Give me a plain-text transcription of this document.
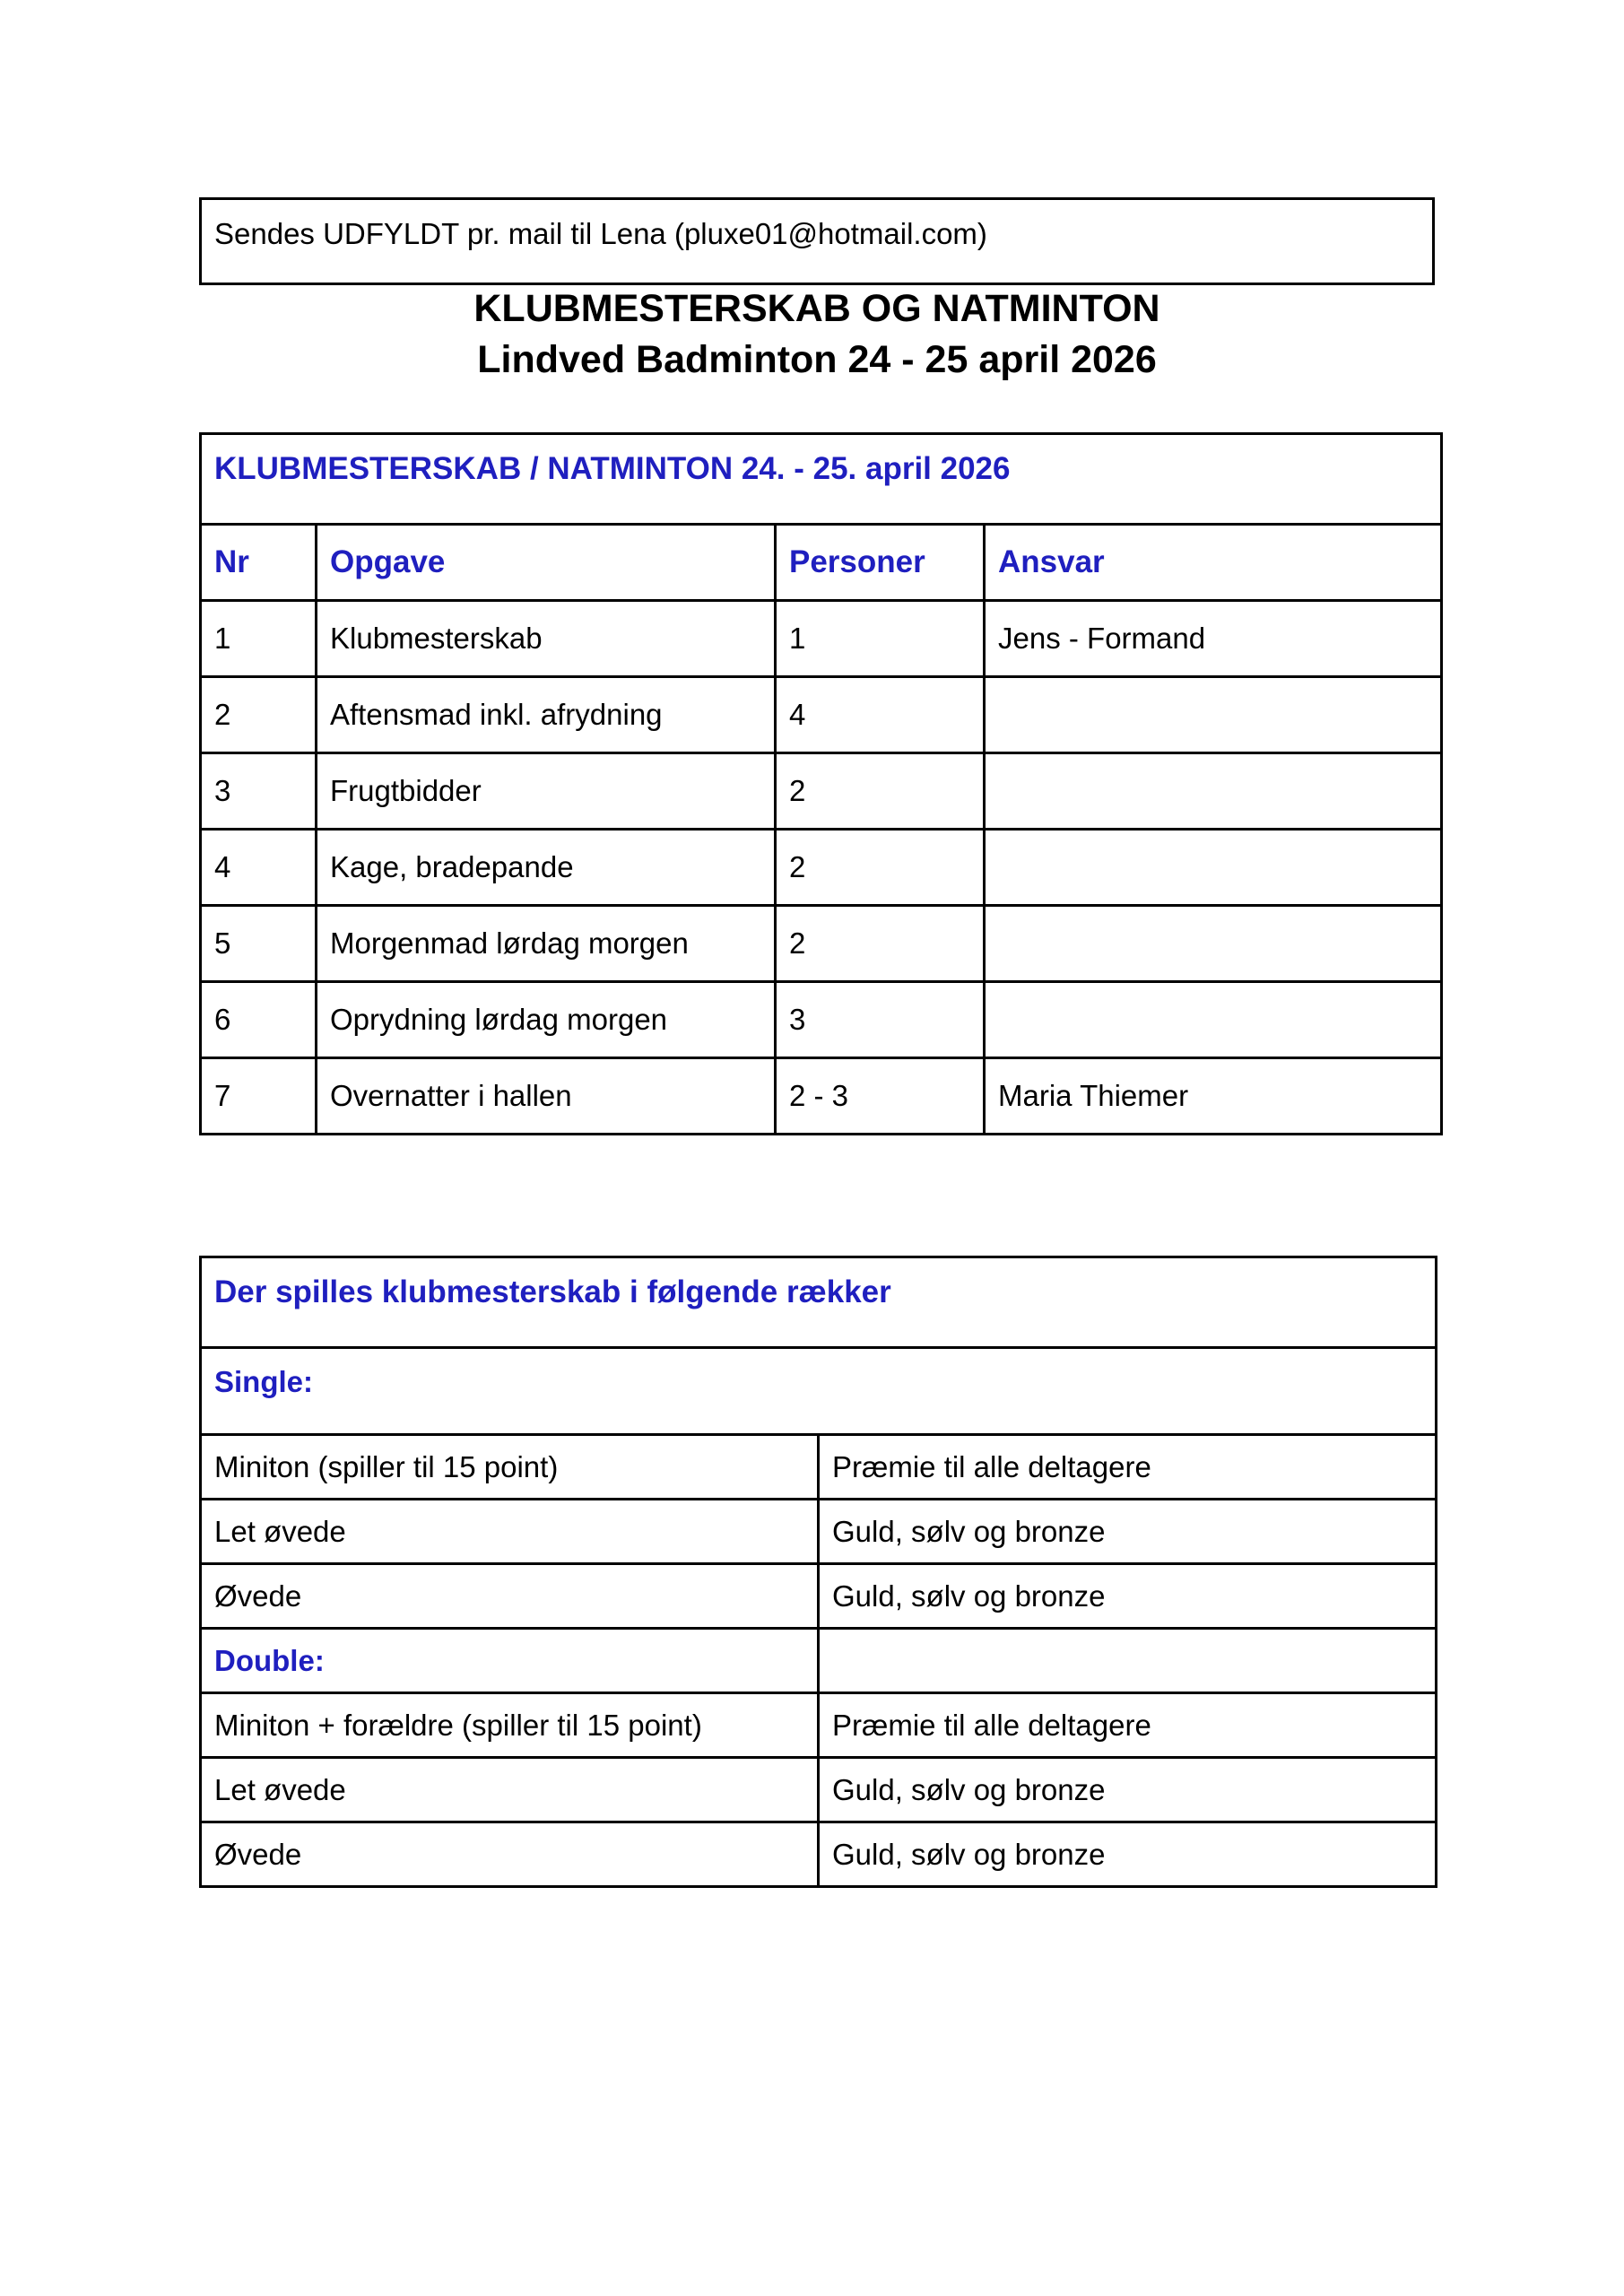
Sendes UDFYLDT pr. mail til Lena (pluxe01@hotmail.com)
KLUBMESTERSKAB OG NATMINTON
Lindved Badminton 24 - 25 april 2026
KLUBMESTERSKAB / NATMINTON 24. - 25. april 2026			
Nr	Opgave	Personer	Ansvar
1	Klubmesterskab	1	Jens - Formand
2	Aftensmad inkl. afrydning	4	
3	Frugtbidder	2	
4	Kage, bradepande	2	
5	Morgenmad lørdag morgen	2	
6	Oprydning lørdag morgen	3	
7	Overnatter i hallen	2 - 3	Maria Thiemer
Der spilles klubmesterskab i følgende rækker	
Single:	
Miniton (spiller til 15 point)	Præmie til alle deltagere
Let øvede	Guld, sølv og bronze
Øvede	Guld, sølv og bronze
Double:	
Miniton + forældre (spiller til 15 point)	Præmie til alle deltagere
Let øvede	Guld, sølv og bronze
Øvede	Guld, sølv og bronze
